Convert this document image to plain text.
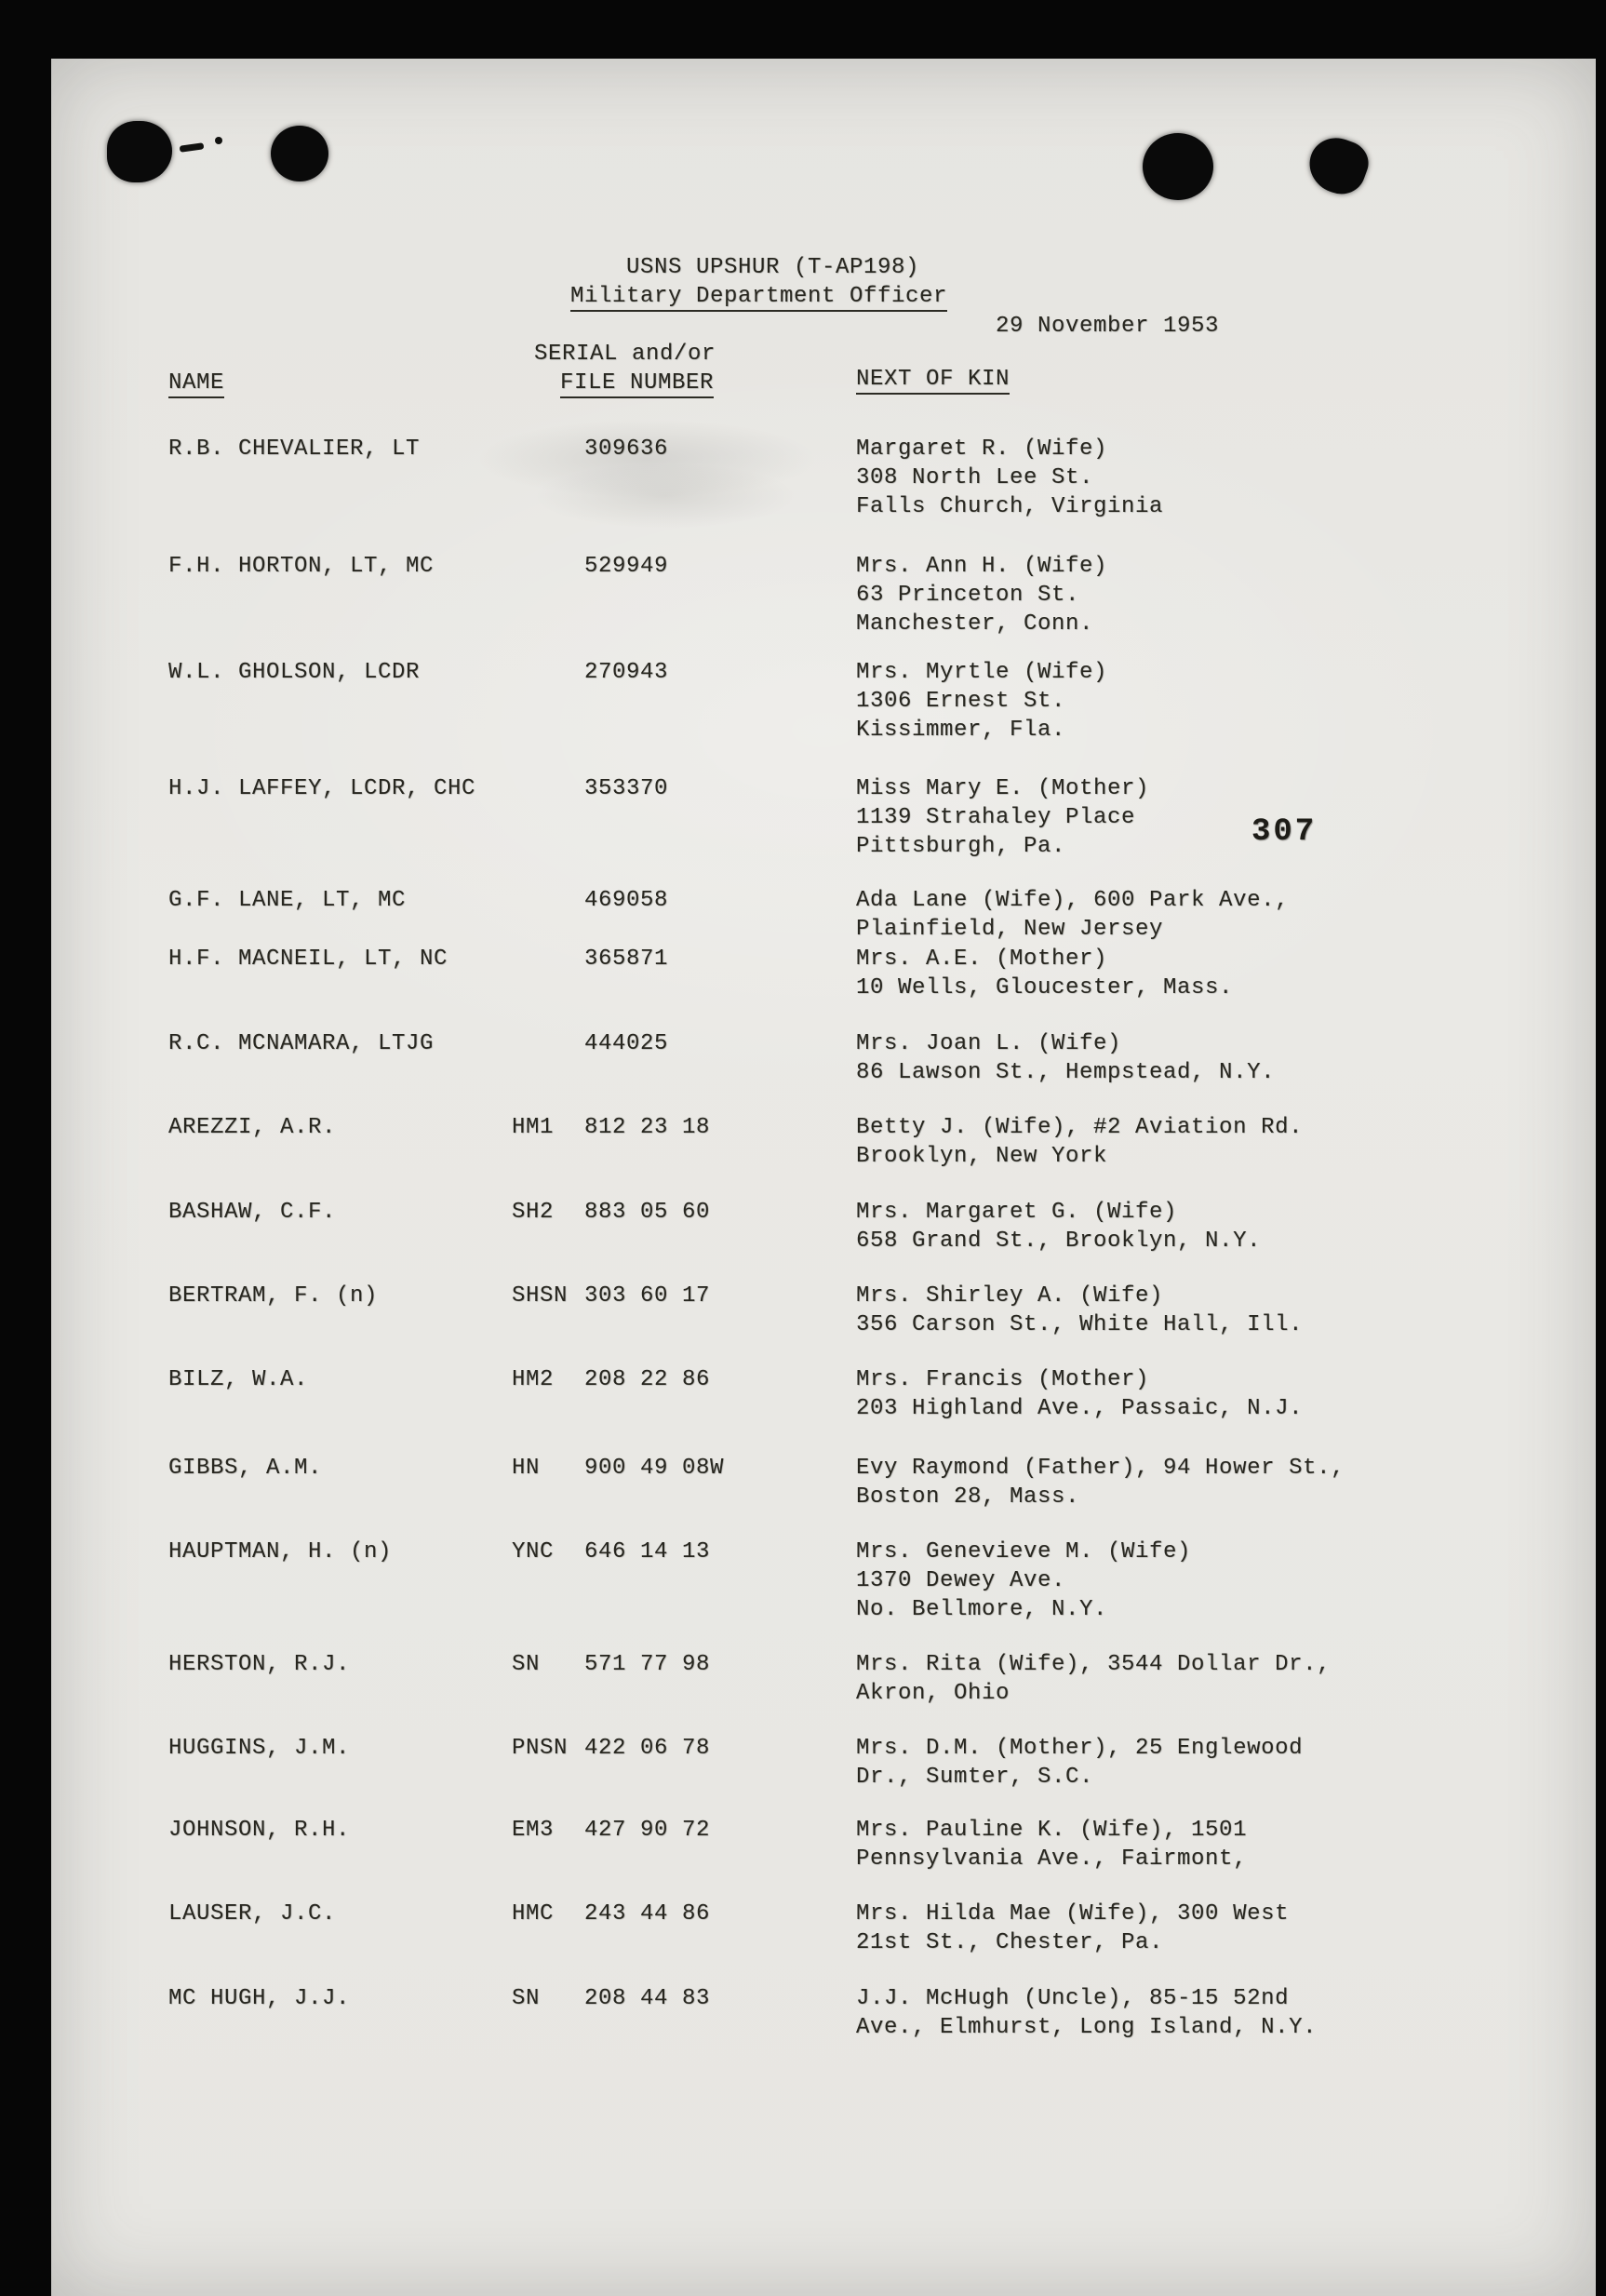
USNS UPSHUR (T-AP198)
Military Department Officer
29 November 1953
SERIAL and/or
NAME	FILE NUMBER	NEXT OF KIN
307
R.B. CHEVALIER, LT	309636	Margaret R. (Wife)
308 North Lee St.
Falls Church, Virginia
F.H. HORTON, LT, MC	529949	Mrs. Ann H. (Wife)
63 Princeton St.
Manchester, Conn.
W.L. GHOLSON, LCDR	270943	Mrs. Myrtle (Wife)
1306 Ernest St.
Kissimmer, Fla.
H.J. LAFFEY, LCDR, CHC	353370	Miss Mary E. (Mother)
1139 Strahaley Place
Pittsburgh, Pa.
G.F. LANE, LT, MC	469058	Ada Lane (Wife), 600 Park Ave.,
Plainfield, New Jersey
H.F. MACNEIL, LT, NC	365871	Mrs. A.E. (Mother)
10 Wells, Gloucester, Mass.
R.C. MCNAMARA, LTJG	444025	Mrs. Joan L. (Wife)
86 Lawson St., Hempstead, N.Y.
AREZZI, A.R.	HM1 812 23 18	Betty J. (Wife), #2 Aviation Rd.
Brooklyn, New York
BASHAW, C.F.	SH2 883 05 60	Mrs. Margaret G. (Wife)
658 Grand St., Brooklyn, N.Y.
BERTRAM, F. (n)	SHSN 303 60 17	Mrs. Shirley A. (Wife)
356 Carson St., White Hall, Ill.
BILZ, W.A.	HM2 208 22 86	Mrs. Francis (Mother)
203 Highland Ave., Passaic, N.J.
GIBBS, A.M.	HN 900 49 08W	Evy Raymond (Father), 94 Hower St.,
Boston 28, Mass.
HAUPTMAN, H. (n)	YNC 646 14 13	Mrs. Genevieve M. (Wife)
1370 Dewey Ave.
No. Bellmore, N.Y.
HERSTON, R.J.	SN 571 77 98	Mrs. Rita (Wife), 3544 Dollar Dr.,
Akron, Ohio
HUGGINS, J.M.	PNSN 422 06 78	Mrs. D.M. (Mother), 25 Englewood
Dr., Sumter, S.C.
JOHNSON, R.H.	EM3 427 90 72	Mrs. Pauline K. (Wife), 1501
Pennsylvania Ave., Fairmont,
LAUSER, J.C.	HMC 243 44 86	Mrs. Hilda Mae (Wife), 300 West
21st St., Chester, Pa.
MC HUGH, J.J.	SN 208 44 83	J.J. McHugh (Uncle), 85-15 52nd
Ave., Elmhurst, Long Island, N.Y.
